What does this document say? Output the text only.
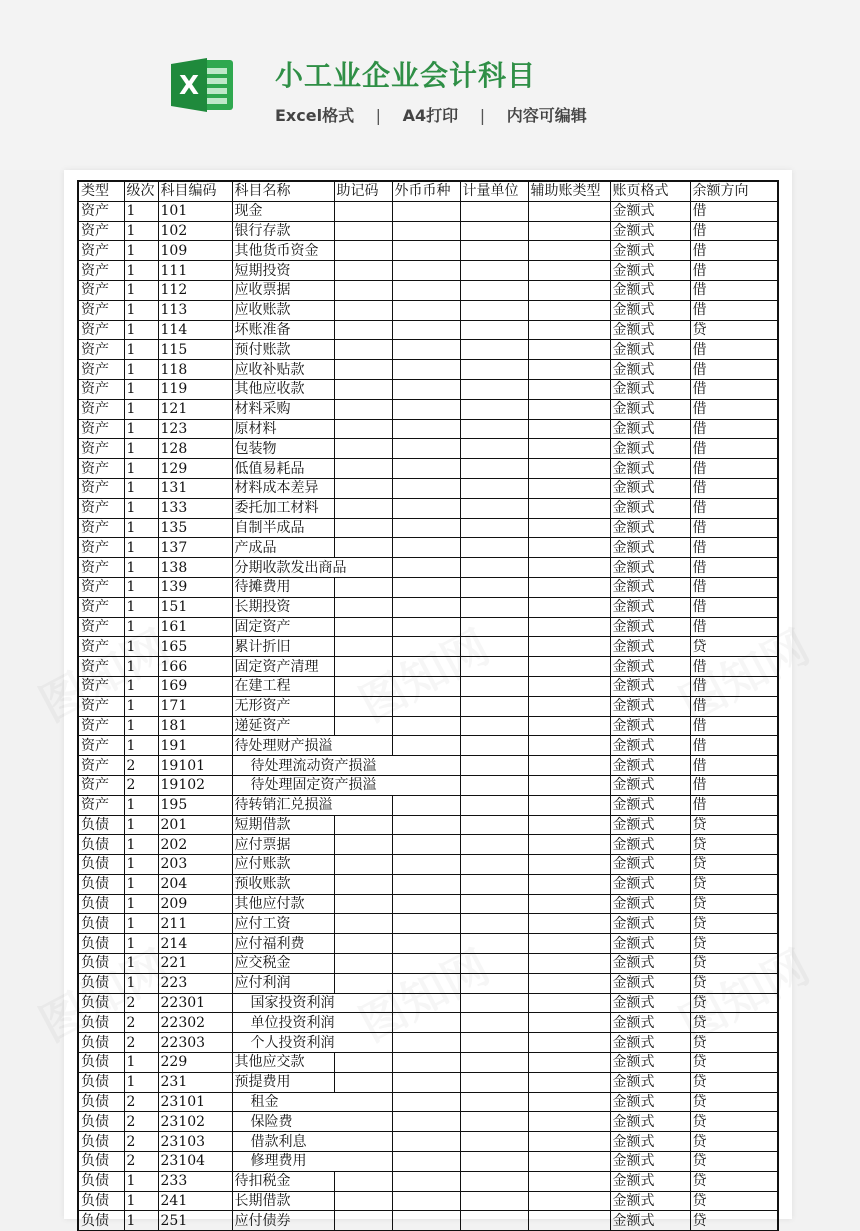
X	小工业企业会计科目
Excel格式 | A4打印 | 内容可编辑
类型	级次	科目编码	科目名称	助记码	外币币种	计量单位	辅助账类型	账页格式	余额方向
资产	1	101	现金					金额式	借
资产	1	102	银行存款					金额式	借
资产	1	109	其他货币资金					金额式	借
资产	1	111	短期投资					金额式	借
资产	1	112	应收票据					金额式	借
资产	1	113	应收账款					金额式	借
资产	1	114	坏账准备					金额式	贷
资产	1	115	预付账款					金额式	借
资产	1	118	应收补贴款					金额式	借
资产	1	119	其他应收款					金额式	借
资产	1	121	材料采购					金额式	借
资产	1	123	原材料					金额式	借
资产	1	128	包装物					金额式	借
资产	1	129	低值易耗品					金额式	借
资产	1	131	材料成本差异					金额式	借
资产	1	133	委托加工材料					金额式	借
资产	1	135	自制半成品					金额式	借
资产	1	137	产成品					金额式	借
资产	1	138	分期收款发出商品					金额式	借
资产	1	139	待摊费用					金额式	借
资产	1	151	长期投资					金额式	借
资产	1	161	固定资产					金额式	借
资产	1	165	累计折旧					金额式	贷
资产	1	166	固定资产清理					金额式	借
资产	1	169	在建工程					金额式	借
资产	1	171	无形资产					金额式	借
资产	1	181	递延资产					金额式	借
资产	1	191	待处理财产损溢					金额式	借
资产	2	19101	待处理流动资产损溢					金额式	借
资产	2	19102	待处理固定资产损溢					金额式	借
资产	1	195	待转销汇兑损溢					金额式	借
负债	1	201	短期借款					金额式	贷
负债	1	202	应付票据					金额式	贷
负债	1	203	应付账款					金额式	贷
负债	1	204	预收账款					金额式	贷
负债	1	209	其他应付款					金额式	贷
负债	1	211	应付工资					金额式	贷
负债	1	214	应付福利费					金额式	贷
负债	1	221	应交税金					金额式	贷
负债	1	223	应付利润					金额式	贷
负债	2	22301	国家投资利润					金额式	贷
负债	2	22302	单位投资利润					金额式	贷
负债	2	22303	个人投资利润					金额式	贷
负债	1	229	其他应交款					金额式	贷
负债	1	231	预提费用					金额式	贷
负债	2	23101	租金					金额式	贷
负债	2	23102	保险费					金额式	贷
负债	2	23103	借款利息					金额式	贷
负债	2	23104	修理费用					金额式	贷
负债	1	233	待扣税金					金额式	贷
负债	1	241	长期借款					金额式	贷
负债	1	251	应付债券					金额式	贷
